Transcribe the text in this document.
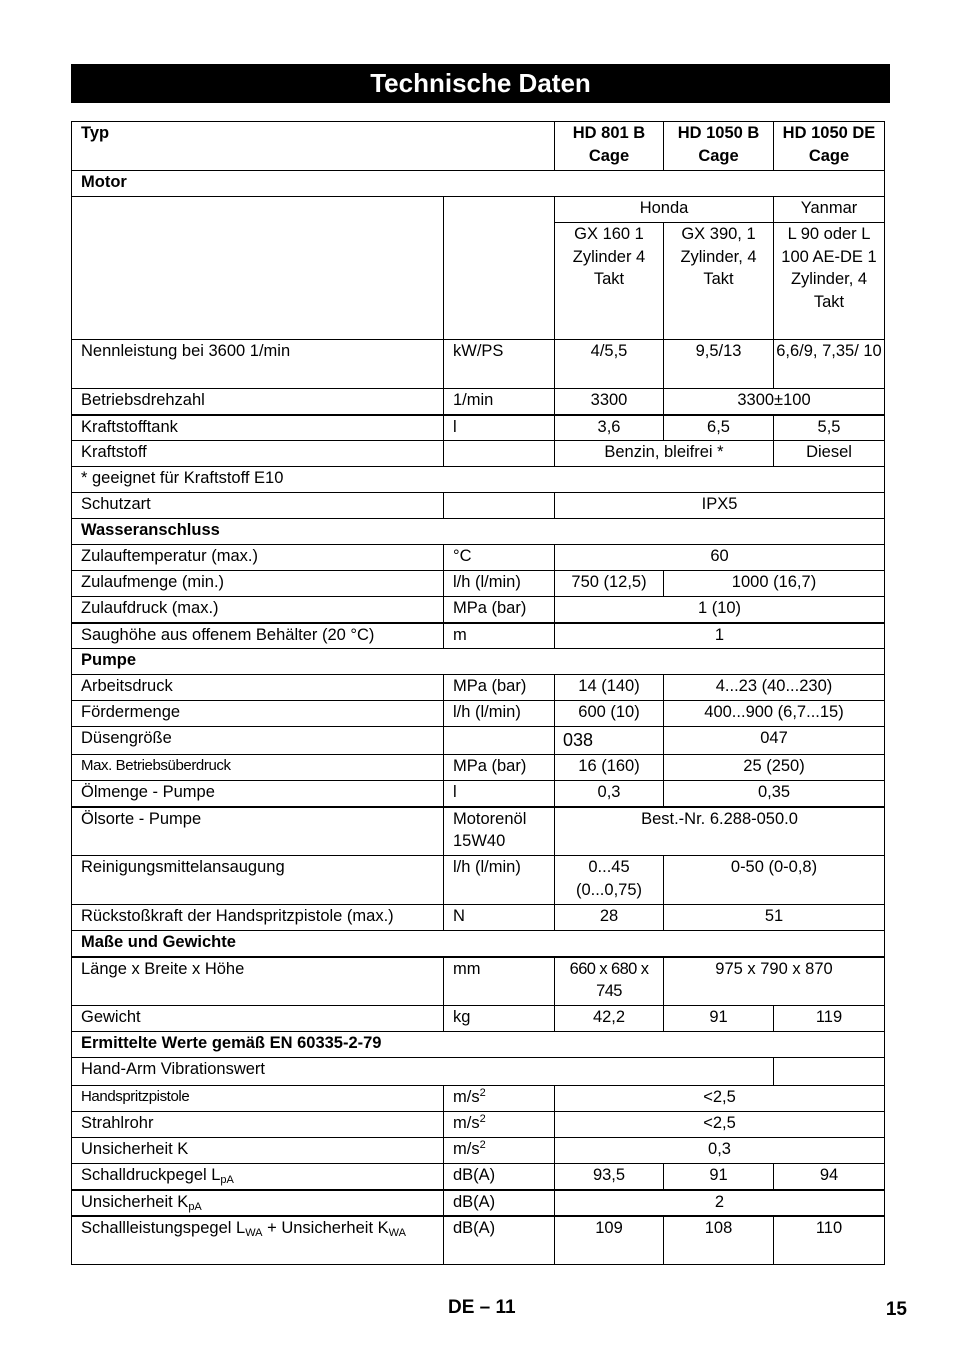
Technische Daten
Typ		HD 801 B Cage	HD 1050 B Cage	HD 1050 DE Cage
Motor				
		Honda		Yanmar
		GX 160 1 Zylinder 4 Takt	GX 390, 1 Zylinder, 4 Takt	L 90 oder L 100 AE-DE 1 Zylinder, 4 Takt
Nennleistung bei 3600 1/min	kW/PS	4/5,5	9,5/13	6,6/9, 7,35/ 10
Betriebsdrehzahl	1/min	3300	3300±100	
Kraftstofftank	l	3,6	6,5	5,5
Kraftstoff		Benzin, bleifrei *		Diesel
* geeignet für Kraftstoff E10				
Schutzart		IPX5		
Wasseranschluss				
Zulauftemperatur (max.)	°C	60		
Zulaufmenge (min.)	l/h (l/min)	750 (12,5)	1000 (16,7)	
Zulaufdruck (max.)	MPa (bar)	1 (10)		
Saughöhe aus offenem Behälter (20 °C)	m	1		
Pumpe				
Arbeitsdruck	MPa (bar)	14 (140)	4...23 (40...230)	
Fördermenge	l/h (l/min)	600 (10)	400...900 (6,7...15)	
Düsengröße		038	047	
Max. Betriebsüberdruck	MPa (bar)	16 (160)	25 (250)	
Ölmenge - Pumpe	l	0,3	0,35	
Ölsorte - Pumpe	Motorenöl 15W40	Best.-Nr. 6.288-050.0		
Reinigungsmittelansaugung	l/h (l/min)	0...45 (0...0,75)	0-50 (0-0,8)	
Rückstoßkraft der Handspritzpistole (max.)	N	28	51	
Maße und Gewichte				
Länge x Breite x Höhe	mm	660 x 680 x 745	975 x 790 x 870	
Gewicht	kg	42,2	91	119
Ermittelte Werte gemäß EN 60335-2-79				
Hand-Arm Vibrationswert				
Handspritzpistole	$m/s^2$	<2,5		
Strahlrohr	$m/s^2$	<2,5		
Unsicherheit K	$m/s^2$	0,3		
Schalldruckpegel $L_{pA}$	dB(A)	93,5	91	94
Unsicherheit $K_{pA}$	dB(A)	2		
Schallleistungspegel $L_{WA}$ + Unsicherheit $K_{WA}$	dB(A)	109	108	110
DE – 11	15
